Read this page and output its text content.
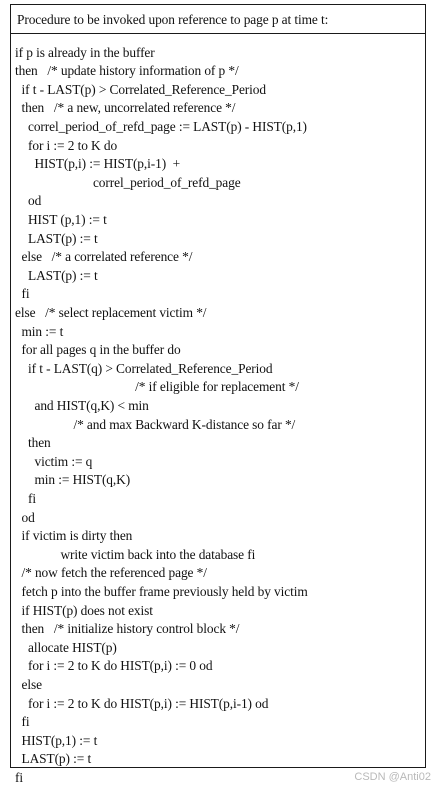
Procedure to be invoked upon reference to page p at time t:
if p is already in the buffer
then   /* update history information of p */
if t - LAST(p) > Correlated_Reference_Period
then   /* a new, uncorrelated reference */
correl_period_of_refd_page := LAST(p) - HIST(p,1)
for i := 2 to K do
HIST(p,i) := HIST(p,i-1)  +
correl_period_of_refd_page
od
HIST (p,1) := t
LAST(p) := t
else   /* a correlated reference */
LAST(p) := t
fi
else   /* select replacement victim */
min := t
for all pages q in the buffer do
if t - LAST(q) > Correlated_Reference_Period
/* if eligible for replacement */
and HIST(q,K) < min
/* and max Backward K-distance so far */
then
victim := q
min := HIST(q,K)
fi
od
if victim is dirty then
write victim back into the database fi
/* now fetch the referenced page */
fetch p into the buffer frame previously held by victim
if HIST(p) does not exist
then   /* initialize history control block */
allocate HIST(p)
for i := 2 to K do HIST(p,i) := 0 od
else
for i := 2 to K do HIST(p,i) := HIST(p,i-1) od
fi
HIST(p,1) := t
LAST(p) := t
fi	CSDN @Anti02
